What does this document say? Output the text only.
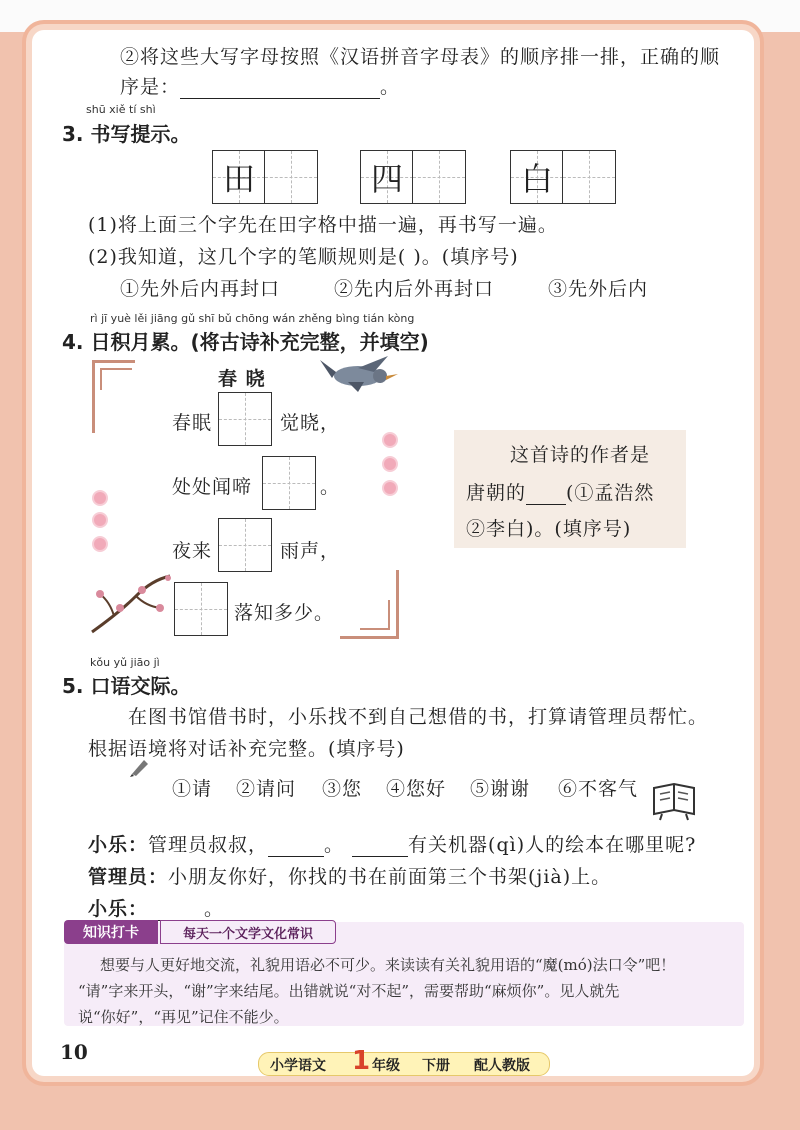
②将这些大写字母按照《汉语拼音字母表》的顺序排一排，正确的顺
序是：	。
shū xiě tí shì
3. 书写提示。
田	四	白
(1)将上面三个字先在田字格中描一遍，再书写一遍。
(2)我知道，这几个字的笔顺规则是( )。(填序号)
①先外后内再封口	②先内后外再封口	③先外后内
rì jī yuè lěi jiāng gǔ shī bǔ chōng wán zhěng bìng tián kòng
4. 日积月累。(将古诗补充完整，并填空)
春 晓
春眠	觉晓，
处处闻啼	。
夜来	雨声，
落知多少。
这首诗的作者是
唐朝的 (①孟浩然
②李白)。(填序号)
kǒu yǔ jiāo jì
5. 口语交际。
在图书馆借书时，小乐找不到自己想借的书，打算请管理员帮忙。
根据语境将对话补充完整。(填序号)
①请 ②请问 ③您 ④您好 ⑤谢谢 ⑥不客气
小乐：管理员叔叔，	。	有关机器(qì)人的绘本在哪里呢?
管理员：小朋友你好，你找的书在前面第三个书架(jià)上。
小乐：	。
知识打卡	每天一个文学文化常识
想要与人更好地交流，礼貌用语必不可少。来读读有关礼貌用语的“魔(mó)法口令”吧！
“请”字来开头，“谢”字来结尾。出错就说“对不起”，需要帮助“麻烦你”。见人就先
说“你好”，“再见”记住不能少。
10
小学语文 1 年级 下册 配人教版
